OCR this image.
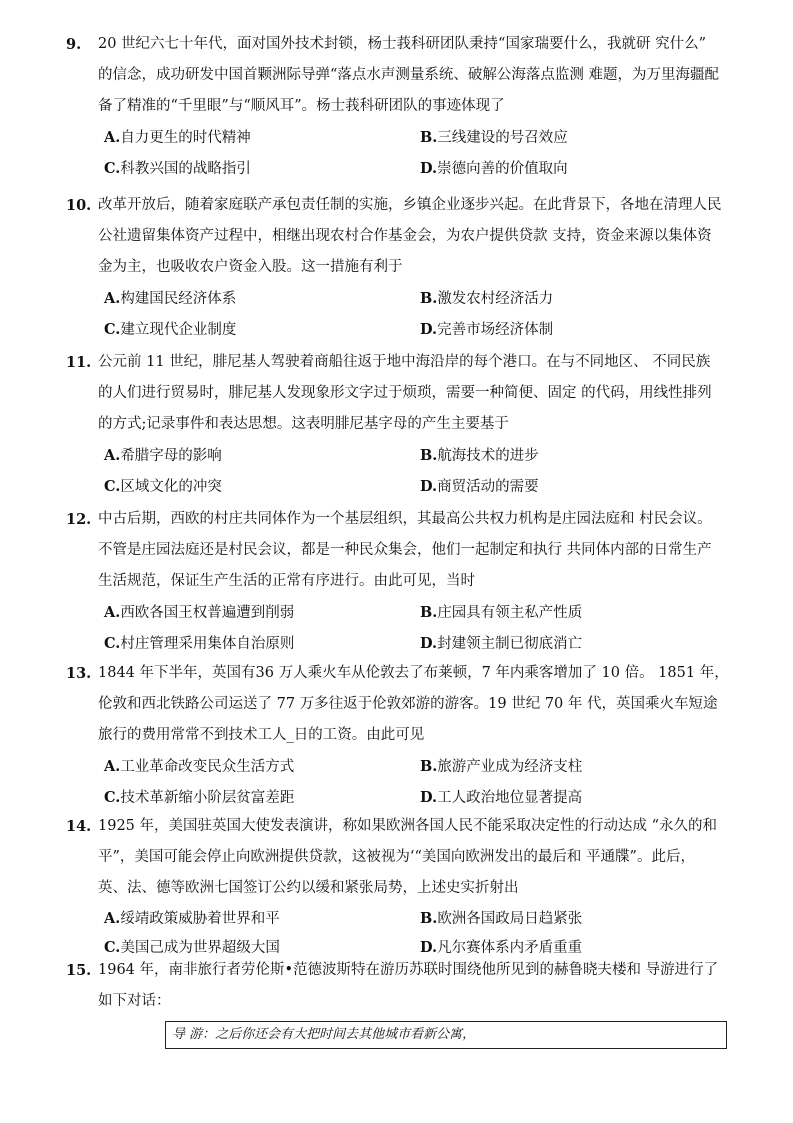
9. 20 世纪六七十年代，面对国外技术封锁，杨士莪科研团队秉持“国家瑞要什么，我就研 究什么”
的信念，成功研发中国首颗洲际导弹“落点水声测量系统、破解公海落点监测 难题，为万里海疆配
备了精准的“千里眼”与“顺风耳”。杨士莪科研团队的事迹体现了
A.自力更生的时代精神	B.三线建设的号召效应
C.科教兴国的战略指引	D.崇德向善的价值取向
10. 改革开放后，随着家庭联产承包责任制的实施，乡镇企业逐步兴起。在此背景下，各地在清理人民
公社遗留集体资产过程中，相继出现农村合作基金会，为农户提供贷款 支持，资金来源以集体资
金为主，也吸收农户资金入股。这一措施有利于
A.构建国民经济体系	B.激发农村经济活力
C.建立现代企业制度	D.完善市场经济体制
11. 公元前 11 世纪，腓尼基人驾驶着商船往返于地中海沿岸的每个港口。在与不同地区、 不同民族
的人们进行贸易时，腓尼基人发现象形文字过于烦琐，需要一种简便、固定 的代码，用线性排列
的方式;记录事件和表达思想。这表明腓尼基字母的产生主要基于
A.希腊字母的影响	B.航海技术的进步
C.区域文化的冲突	D.商贸活动的需要
12. 中古后期，西欧的村庄共同体作为一个基层组织，其最高公共权力机构是庄园法庭和 村民会议。
不管是庄园法庭还是村民会议，都是一种民众集会，他们一起制定和执行 共同体内部的日常生产
生活规范，保证生产生活的正常有序进行。由此可见，当时
A.西欧各国王权普遍遭到削弱	B.庄园具有领主私产性质
C.村庄管理采用集体自治原则	D.封建领主制已彻底消亡
13. 1844 年下半年，英国有36 万人乘火车从伦敦去了布莱顿，7 年内乘客增加了 10 倍。 1851 年，
伦敦和西北铁路公司运送了 77 万多往返于伦敦郊游的游客。19 世纪 70 年 代，英国乘火车短途
旅行的费用常常不到技术工人_日的工资。由此可见
A.工业革命改变民众生活方式	B.旅游产业成为经济支柱
C.技术革新缩小阶层贫富差距	D.工人政治地位显著提高
14. 1925 年，美国驻英国大使发表演讲，称如果欧洲各国人民不能采取决定性的行动达成 “永久的和
平”，美国可能会停止向欧洲提供贷款，这被视为‘“美国向欧洲发出的最后和 平通牒”。此后，
英、法、德等欧洲七国签订公约以缓和紧张局势，上述史实折射出
A.绥靖政策威胁着世界和平	B.欧洲各国政局日趋紧张
C.美国己成为世界超级大国	D.凡尔赛体系内矛盾重重
15. 1964 年，南非旅行者劳伦斯•范德波斯特在游历苏联时围绕他所见到的赫鲁晓夫楼和 导游进行了
如下对话：
导 游：之后你还会有大把时间去其他城市看新公寓，
